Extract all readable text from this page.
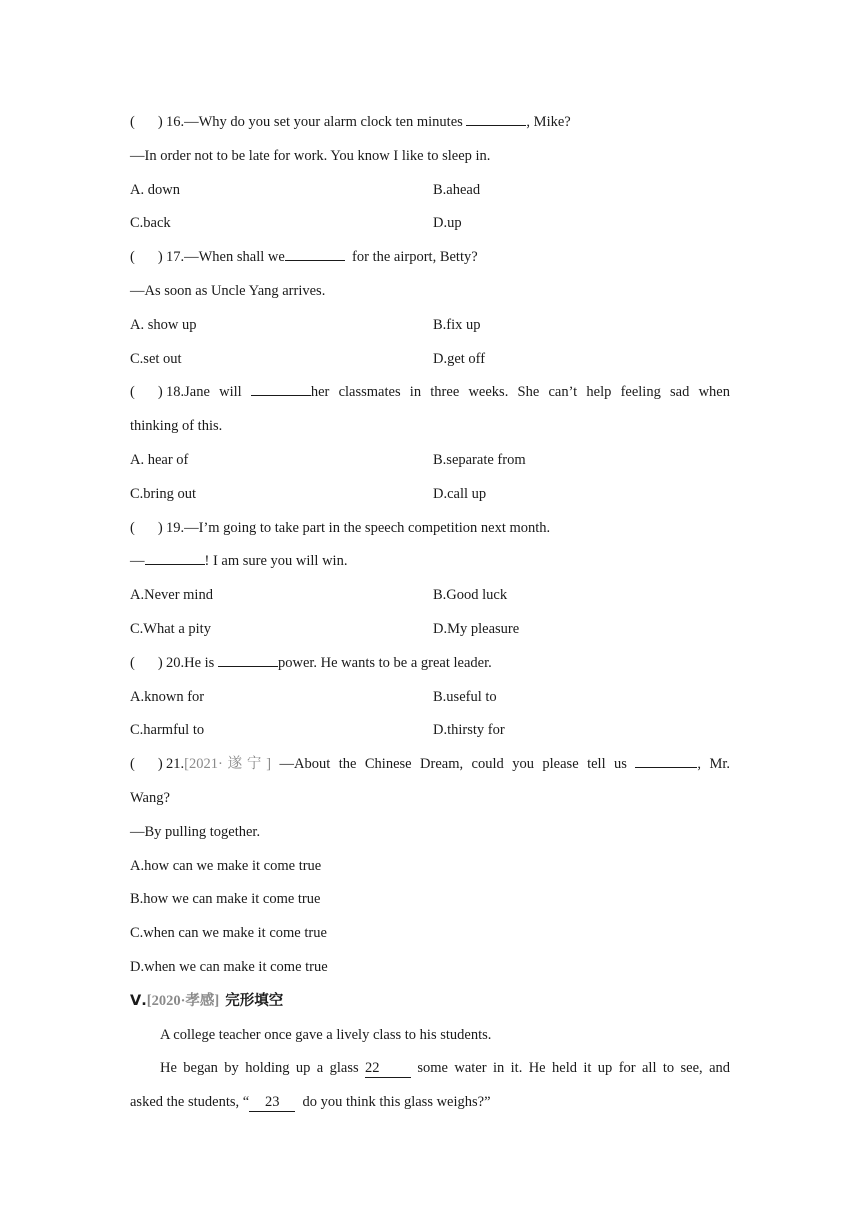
( ) 16.—Why do you set your alarm clock ten minutes	, Mike?
—In order not to be late for work. You know I like to sleep in.
A. down	B.ahead
C.back	D.up
( ) 17.—When shall we	for the airport, Betty?
—As soon as Uncle Yang arrives.
A. show up	B.fix up
C.set out	D.get off
( ) 18.Jane will	her classmates in three weeks. She can’t help feeling sad when
thinking of this.
A. hear of	B.separate from
C.bring out	D.call up
( ) 19.—I’m going to take part in the speech competition next month.
—	! I am sure you will win.
A.Never mind	B.Good luck
C.What a pity	D.My pleasure
( ) 20.He is	power. He wants to be a great leader.
A.known for	B.useful to
C.harmful to	D.thirsty for
( ) 21.[2021·遂宁] —About the Chinese Dream, could you please tell us	, Mr.
Wang?
—By pulling together.
A.how can we make it come true
B.how we can make it come true
C.when can we make it come true
D.when we can make it come true
Ⅴ.[2020·孝感] 完形填空
A college teacher once gave a lively class to his students.
He began by holding up a glass 22 some water in it. He held it up for all to see, and
asked the students, “ 23  do you think this glass weighs?”
